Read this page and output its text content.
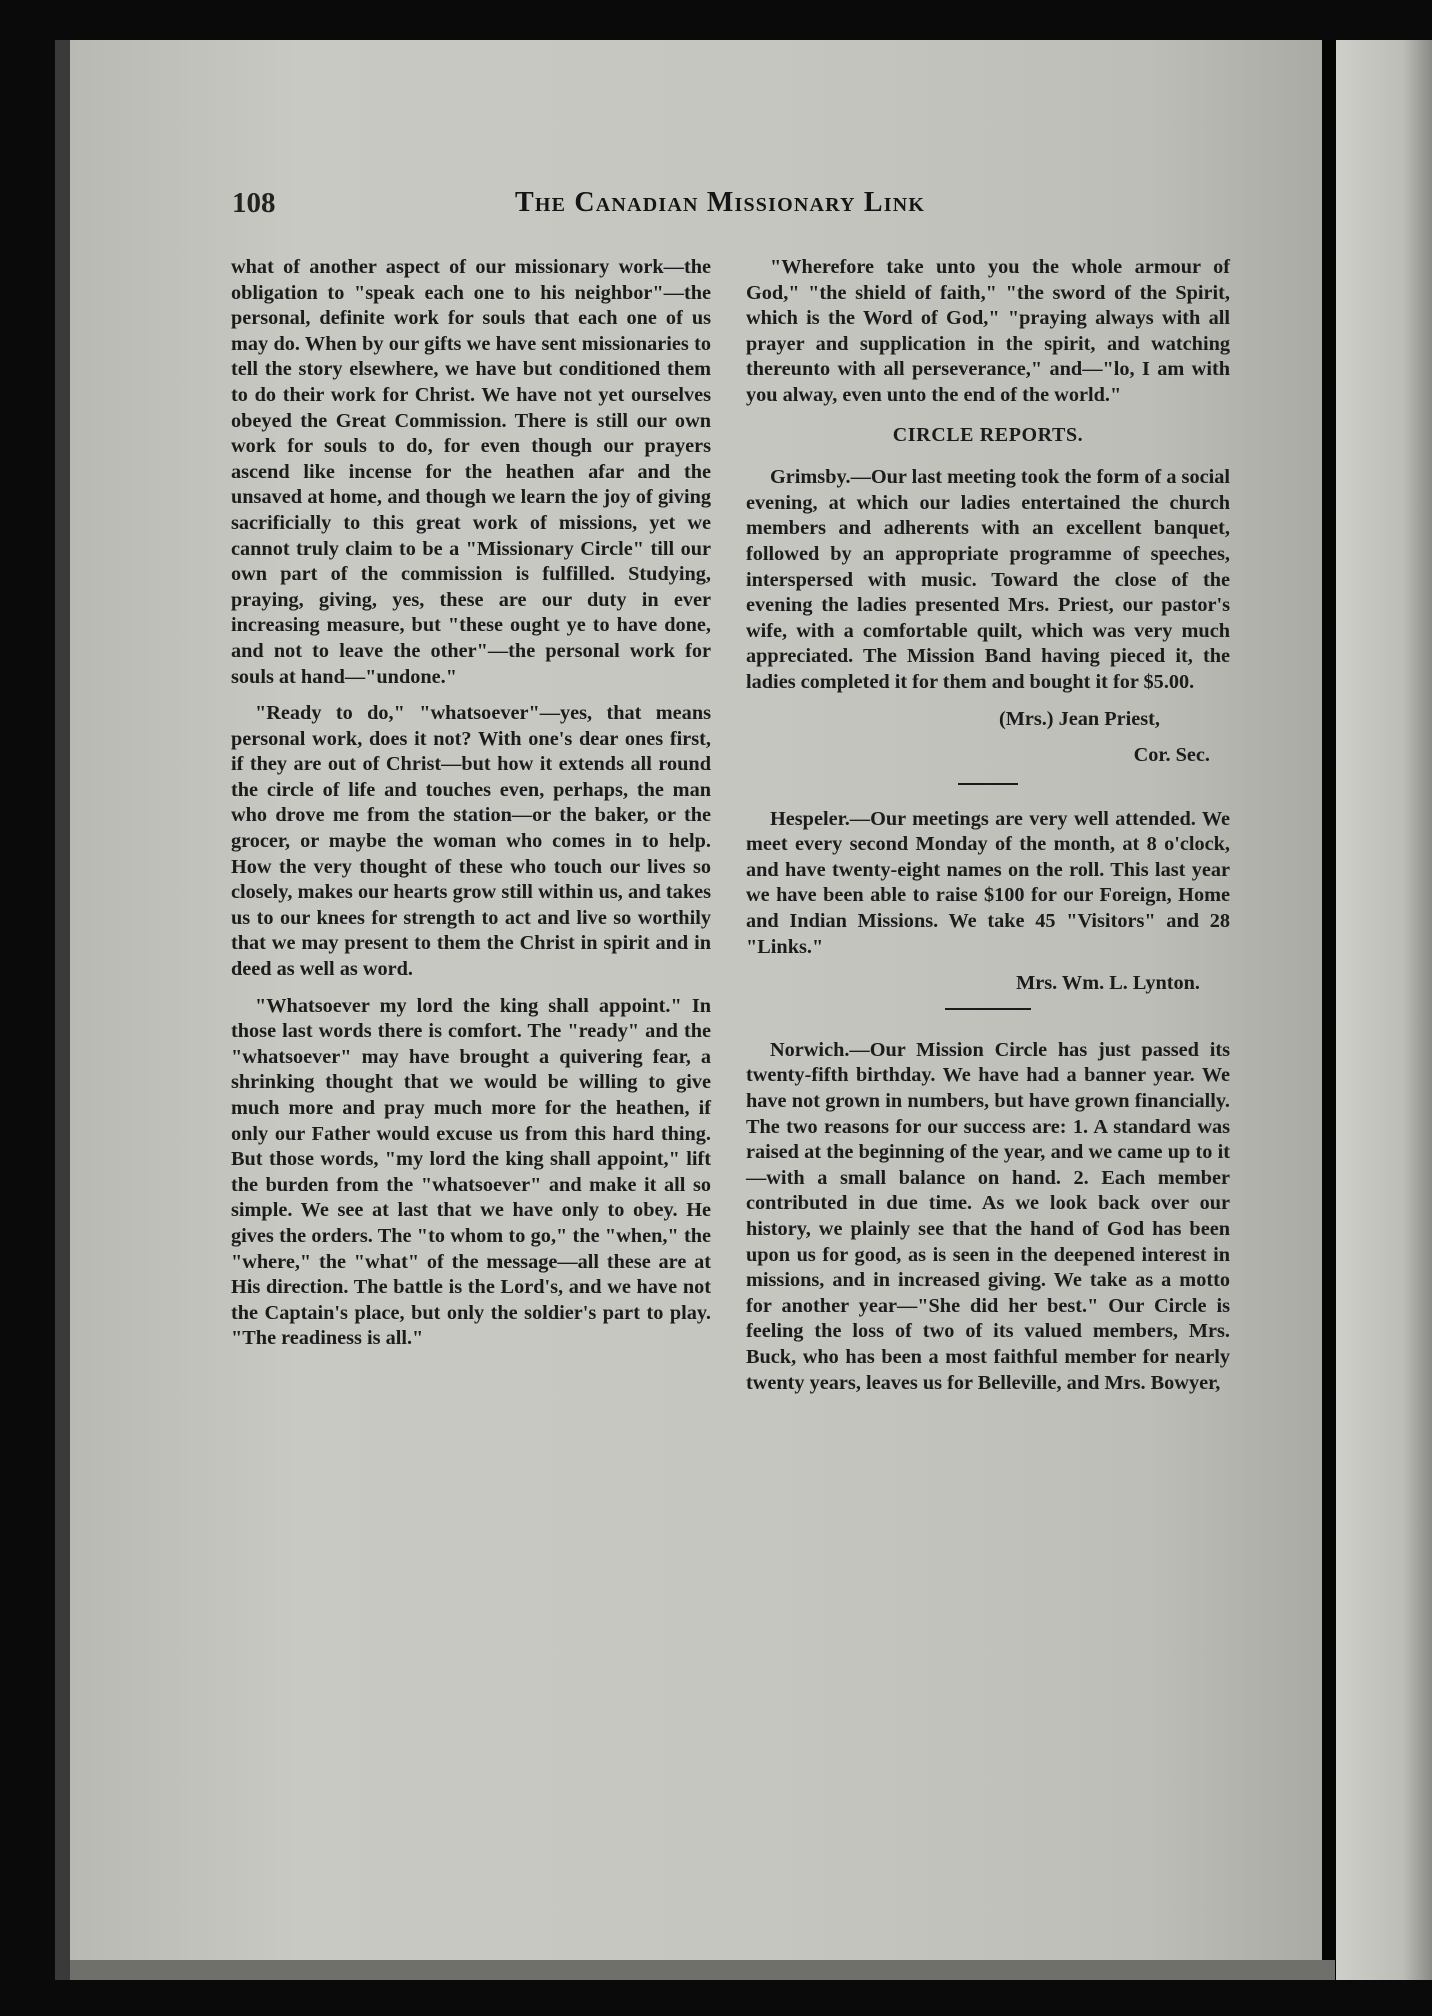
108	The Canadian Missionary Link

what of another aspect of our missionary work—the obligation to "speak each one to his neighbor"—the personal, definite work for souls that each one of us may do. When by our gifts we have sent missionaries to tell the story elsewhere, we have but conditioned them to do their work for Christ. We have not yet ourselves obeyed the Great Commission. There is still our own work for souls to do, for even though our prayers ascend like incense for the heathen afar and the unsaved at home, and though we learn the joy of giving sacrificially to this great work of missions, yet we cannot truly claim to be a "Missionary Circle" till our own part of the commission is fulfilled. Studying, praying, giving, yes, these are our duty in ever increasing measure, but "these ought ye to have done, and not to leave the other"—the personal work for souls at hand—"undone."

"Ready to do," "whatsoever"—yes, that means personal work, does it not? With one's dear ones first, if they are out of Christ—but how it extends all round the circle of life and touches even, perhaps, the man who drove me from the station—or the baker, or the grocer, or maybe the woman who comes in to help. How the very thought of these who touch our lives so closely, makes our hearts grow still within us, and takes us to our knees for strength to act and live so worthily that we may present to them the Christ in spirit and in deed as well as word.

"Whatsoever my lord the king shall appoint." In those last words there is comfort. The "ready" and the "whatsoever" may have brought a quivering fear, a shrinking thought that we would be willing to give much more and pray much more for the heathen, if only our Father would excuse us from this hard thing. But those words, "my lord the king shall appoint," lift the burden from the "whatsoever" and make it all so simple. We see at last that we have only to obey. He gives the orders. The "to whom to go," the "when," the "where," the "what" of the message—all these are at His direction. The battle is the Lord's, and we have not the Captain's place, but only the soldier's part to play. "The readiness is all."

"Wherefore take unto you the whole armour of God," "the shield of faith," "the sword of the Spirit, which is the Word of God," "praying always with all prayer and supplication in the spirit, and watching thereunto with all perseverance," and—"lo, I am with you alway, even unto the end of the world."

CIRCLE REPORTS.

Grimsby.—Our last meeting took the form of a social evening, at which our ladies entertained the church members and adherents with an excellent banquet, followed by an appropriate programme of speeches, interspersed with music. Toward the close of the evening the ladies presented Mrs. Priest, our pastor's wife, with a comfortable quilt, which was very much appreciated. The Mission Band having pieced it, the ladies completed it for them and bought it for $5.00.

(Mrs.) Jean Priest,

Cor. Sec.

Hespeler.—Our meetings are very well attended. We meet every second Monday of the month, at 8 o'clock, and have twenty-eight names on the roll. This last year we have been able to raise $100 for our Foreign, Home and Indian Missions. We take 45 "Visitors" and 28 "Links."

Mrs. Wm. L. Lynton.

Norwich.—Our Mission Circle has just passed its twenty-fifth birthday. We have had a banner year. We have not grown in numbers, but have grown financially. The two reasons for our success are: 1. A standard was raised at the beginning of the year, and we came up to it—with a small balance on hand. 2. Each member contributed in due time. As we look back over our history, we plainly see that the hand of God has been upon us for good, as is seen in the deepened interest in missions, and in increased giving. We take as a motto for another year—"She did her best." Our Circle is feeling the loss of two of its valued members, Mrs. Buck, who has been a most faithful member for nearly twenty years, leaves us for Belleville, and Mrs. Bowyer,
